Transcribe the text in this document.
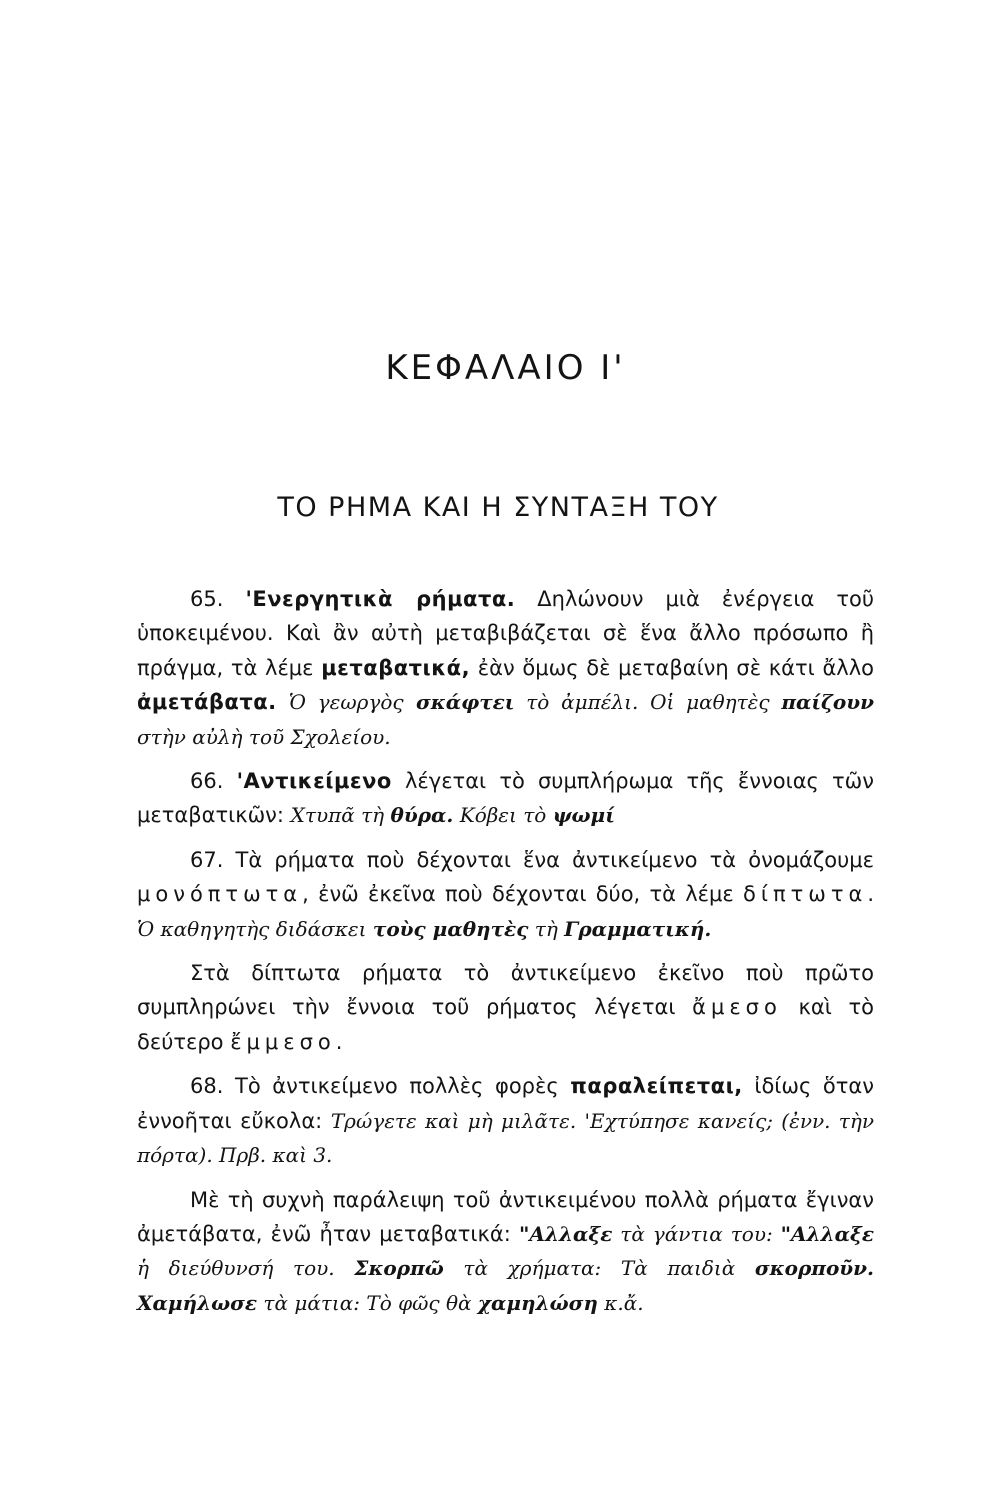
ΚΕΦΑΛΑΙΟ Ι'
ΤΟ ΡΗΜΑ ΚΑΙ Η ΣΥΝΤΑΞΗ ΤΟΥ

65. 'Ενεργητικὰ ρήματα. Δηλώνουν μιὰ ἐνέργεια τοῦ ὑποκειμένου. Καὶ ἂν αὐτὴ μεταβιβάζεται σὲ ἕνα ἄλλο πρόσωπο ἢ πράγμα, τὰ λέμε μεταβατικά, ἐὰν ὅμως δὲ μεταβαίνη σὲ κάτι ἄλλο ἀμετάβατα. Ὁ γεωργὸς σκάφτει τὸ ἀμπέλι. Οἱ μαθητὲς παίζουν στὴν αὐλὴ τοῦ Σχολείου.

66. 'Αντικείμενο λέγεται τὸ συμπλήρωμα τῆς ἔννοιας τῶν μεταβατικῶν: Χτυπᾶ τὴ θύρα. Κόβει τὸ ψωμί

67. Τὰ ρήματα ποὺ δέχονται ἕνα ἀντικείμενο τὰ ὀνομάζουμε μονόπτωτα, ἐνῶ ἐκεῖνα ποὺ δέχονται δύο, τὰ λέμε δίπτωτα. Ὁ καθηγητὴς διδάσκει τοὺς μαθητὲς τὴ Γραμματική.

Στὰ δίπτωτα ρήματα τὸ ἀντικείμενο ἐκεῖνο ποὺ πρῶτο συμπληρώνει τὴν ἔννοια τοῦ ρήματος λέγεται ἄμεσο καὶ τὸ δεύτερο ἔμμεσο.

68. Τὸ ἀντικείμενο πολλὲς φορὲς παραλείπεται, ἰδίως ὅταν ἐννοῆται εὔκολα: Τρώγετε καὶ μὴ μιλᾶτε. 'Εχτύπησε κανείς; (ἐνν. τὴν πόρτα). Πρβ. καὶ 3.

Μὲ τὴ συχνὴ παράλειψη τοῦ ἀντικειμένου πολλὰ ρήματα ἔγιναν ἀμετάβατα, ἐνῶ ἦταν μεταβατικά: "Αλλαξε τὰ γάντια του: "Αλλαξε ἡ διεύθυνσή του. Σκορπῶ τὰ χρήματα: Τὰ παιδιὰ σκορποῦν. Χαμήλωσε τὰ μάτια: Τὸ φῶς θὰ χαμηλώση κ.ἄ.
